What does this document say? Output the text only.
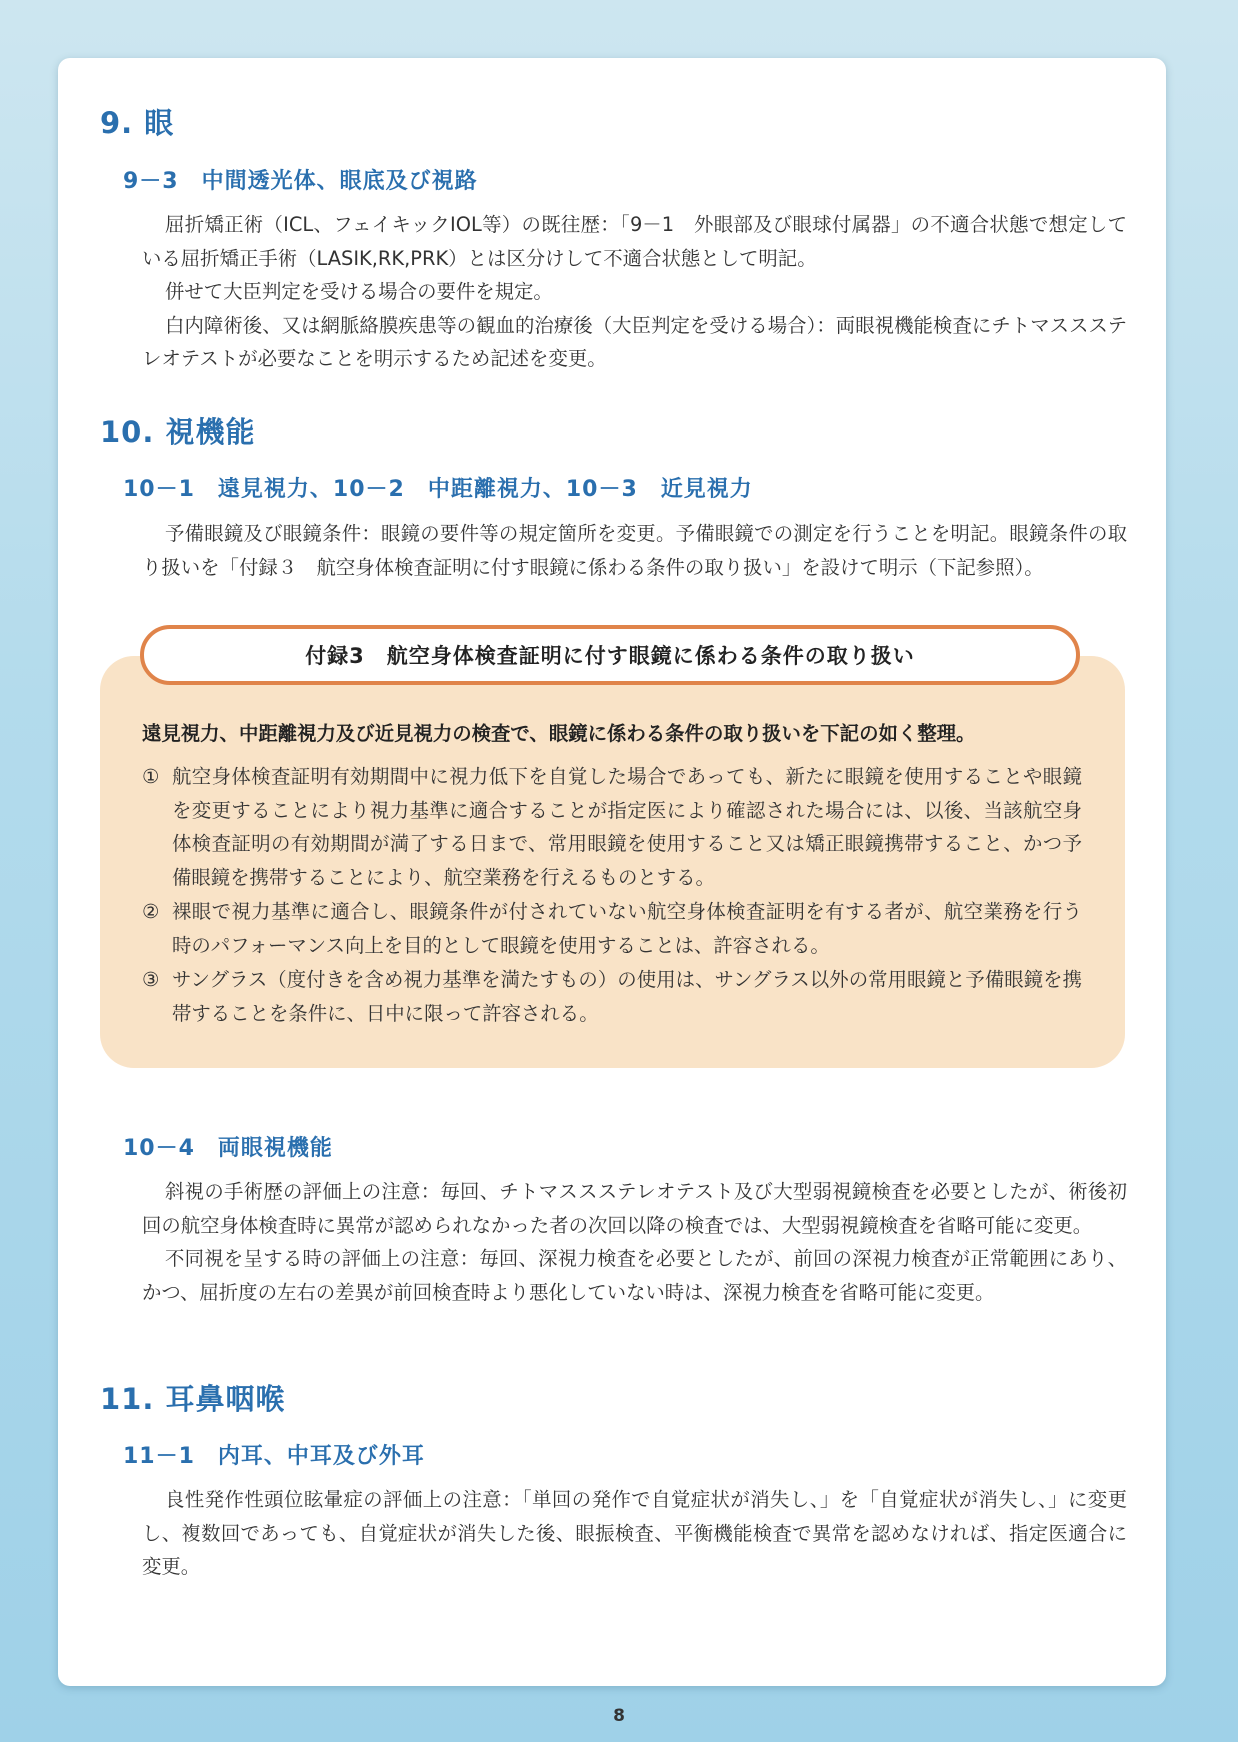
9. 眼
9－3　中間透光体、眼底及び視路

屈折矯正術（ICL、フェイキックIOL等）の既往歴：「9－1　外眼部及び眼球付属器」の不適合状態で想定している屈折矯正手術（LASIK,RK,PRK）とは区分けして不適合状態として明記。

併せて大臣判定を受ける場合の要件を規定。

白内障術後、又は網脈絡膜疾患等の観血的治療後（大臣判定を受ける場合）：両眼視機能検査にチトマススステレオテストが必要なことを明示するため記述を変更。

10. 視機能
10－1　遠見視力、10－2　中距離視力、10－3　近見視力

予備眼鏡及び眼鏡条件：眼鏡の要件等の規定箇所を変更。予備眼鏡での測定を行うことを明記。眼鏡条件の取り扱いを「付録３　航空身体検査証明に付す眼鏡に係わる条件の取り扱い」を設けて明示（下記参照）。

付録3　航空身体検査証明に付す眼鏡に係わる条件の取り扱い

遠見視力、中距離視力及び近見視力の検査で、眼鏡に係わる条件の取り扱いを下記の如く整理。

① 航空身体検査証明有効期間中に視力低下を自覚した場合であっても、新たに眼鏡を使用することや眼鏡を変更することにより視力基準に適合することが指定医により確認された場合には、以後、当該航空身体検査証明の有効期間が満了する日まで、常用眼鏡を使用すること又は矯正眼鏡携帯すること、かつ予備眼鏡を携帯することにより、航空業務を行えるものとする。
② 裸眼で視力基準に適合し、眼鏡条件が付されていない航空身体検査証明を有する者が、航空業務を行う時のパフォーマンス向上を目的として眼鏡を使用することは、許容される。
③ サングラス（度付きを含め視力基準を満たすもの）の使用は、サングラス以外の常用眼鏡と予備眼鏡を携帯することを条件に、日中に限って許容される。
10－4　両眼視機能

斜視の手術歴の評価上の注意：毎回、チトマススステレオテスト及び大型弱視鏡検査を必要としたが、術後初回の航空身体検査時に異常が認められなかった者の次回以降の検査では、大型弱視鏡検査を省略可能に変更。

不同視を呈する時の評価上の注意：毎回、深視力検査を必要としたが、前回の深視力検査が正常範囲にあり、かつ、屈折度の左右の差異が前回検査時より悪化していない時は、深視力検査を省略可能に変更。

11. 耳鼻咽喉
11－1　内耳、中耳及び外耳

良性発作性頭位眩暈症の評価上の注意：「単回の発作で自覚症状が消失し、」を「自覚症状が消失し、」に変更し、複数回であっても、自覚症状が消失した後、眼振検査、平衡機能検査で異常を認めなければ、指定医適合に変更。

8
